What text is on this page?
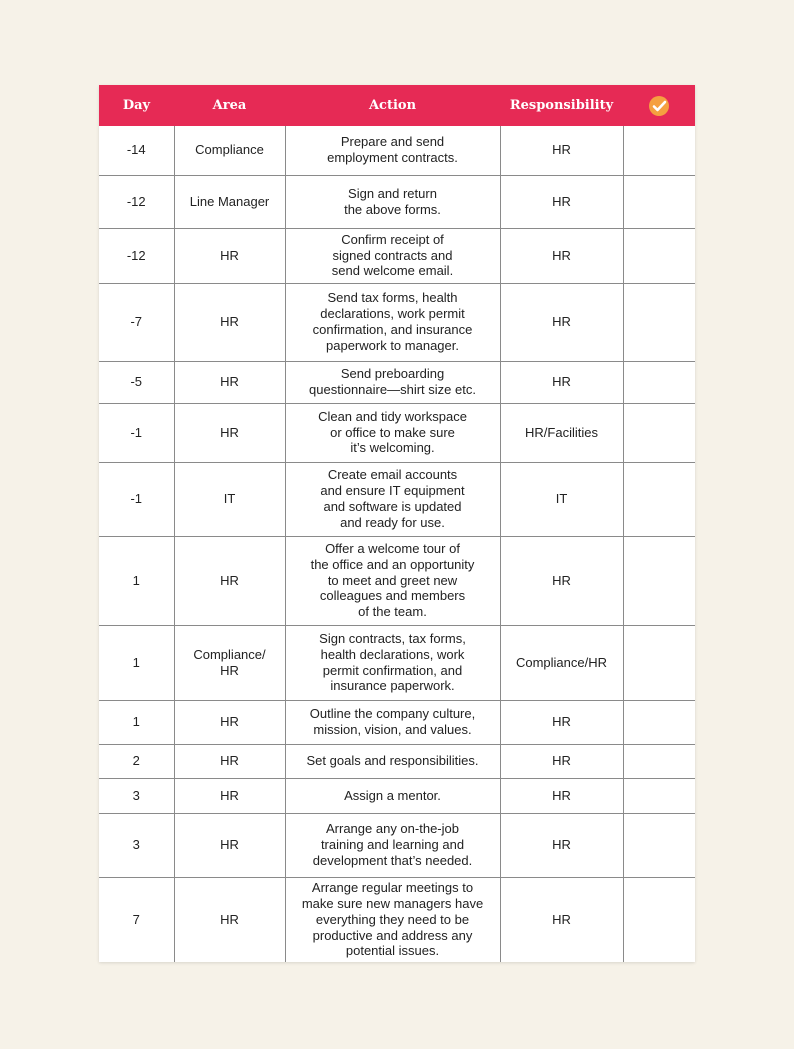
Day	Area	Action	Responsibility	
-14	Compliance	Prepare and send
employment contracts.	HR	
-12	Line Manager	Sign and return
the above forms.	HR	
-12	HR	Confirm receipt of
signed contracts and
send welcome email.	HR	
-7	HR	Send tax forms, health
declarations, work permit
confirmation, and insurance
paperwork to manager.	HR	
-5	HR	Send preboarding
questionnaire—shirt size etc.	HR	
-1	HR	Clean and tidy workspace
or office to make sure
it’s welcoming.	HR/Facilities	
-1	IT	Create email accounts
and ensure IT equipment
and software is updated
and ready for use.	IT	
1	HR	Offer a welcome tour of
the office and an opportunity
to meet and greet new
colleagues and members
of the team.	HR	
1	Compliance/
HR	Sign contracts, tax forms,
health declarations, work
permit confirmation, and
insurance paperwork.	Compliance/HR	
1	HR	Outline the company culture,
mission, vision, and values.	HR	
2	HR	Set goals and responsibilities.	HR	
3	HR	Assign a mentor.	HR	
3	HR	Arrange any on-the-job
training and learning and
development that’s needed.	HR	
7	HR	Arrange regular meetings to
make sure new managers have
everything they need to be
productive and address any
potential issues.	HR	
